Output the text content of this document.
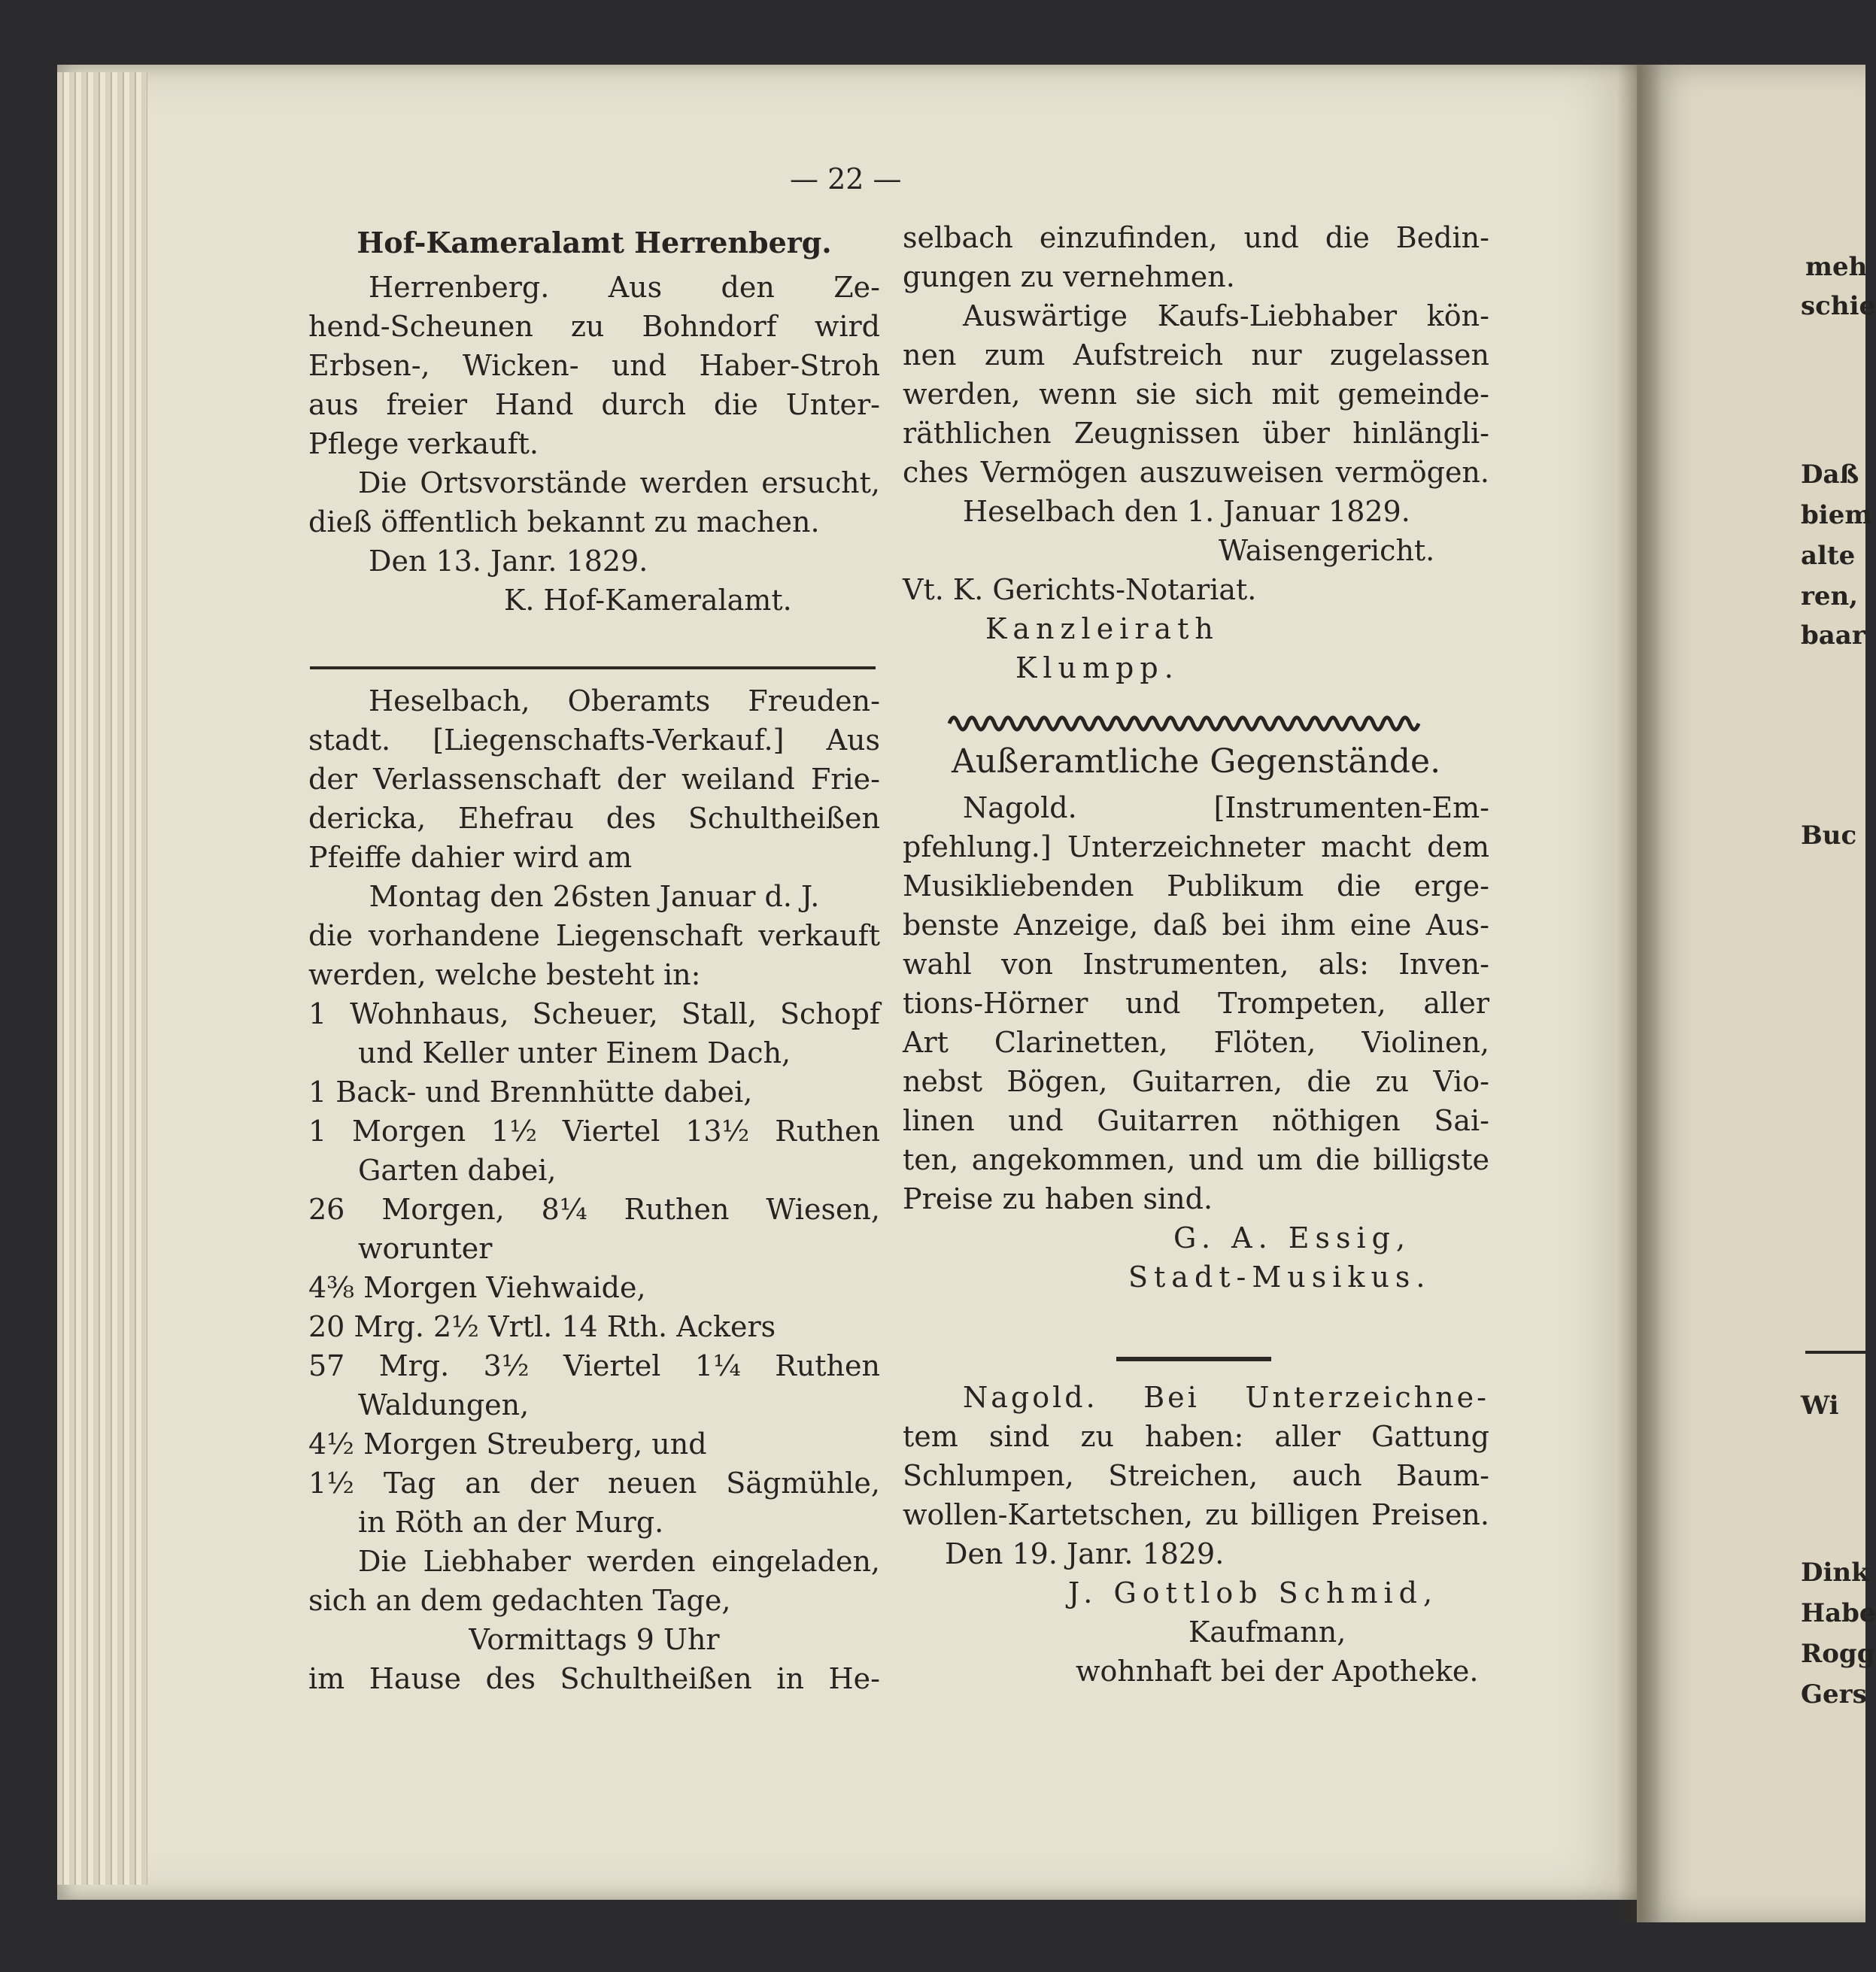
meh
schie
Daß
biem
alte
ren,
baar
Buc
Wi
Dink
Habe
Rogg
Gers
— 22 —
Hof-Kameralamt Herrenberg.
Herrenberg. Aus den Ze-
hend-Scheunen zu Bohndorf wird
Erbsen-, Wicken- und Haber-Stroh
aus freier Hand durch die Unter-
Pflege verkauft.
Die Ortsvorstände werden ersucht,
dieß öffentlich bekannt zu machen.
Den 13. Janr. 1829.
K. Hof-Kameralamt.
Heselbach, Oberamts Freuden-
stadt. [Liegenschafts-Verkauf.] Aus
der Verlassenschaft der weiland Frie-
dericka, Ehefrau des Schultheißen
Pfeiffe dahier wird am
Montag den 26sten Januar d. J.
die vorhandene Liegenschaft verkauft
werden, welche besteht in:
1 Wohnhaus, Scheuer, Stall, Schopf
und Keller unter Einem Dach,
1 Back- und Brennhütte dabei,
1 Morgen 1½ Viertel 13½ Ruthen
Garten dabei,
26 Morgen, 8¼ Ruthen Wiesen,
worunter
4⅜ Morgen Viehwaide,
20 Mrg. 2½ Vrtl. 14 Rth. Ackers
57 Mrg. 3½ Viertel 1¼ Ruthen
Waldungen,
4½ Morgen Streuberg, und
1½ Tag an der neuen Sägmühle,
in Röth an der Murg.
Die Liebhaber werden eingeladen,
sich an dem gedachten Tage,
Vormittags 9 Uhr
im Hause des Schultheißen in He-
selbach einzufinden, und die Bedin-
gungen zu vernehmen.
Auswärtige Kaufs-Liebhaber kön-
nen zum Aufstreich nur zugelassen
werden, wenn sie sich mit gemeinde-
räthlichen Zeugnissen über hinlängli-
ches Vermögen auszuweisen vermögen.
Heselbach den 1. Januar 1829.
Waisengericht.
Vt. K. Gerichts-Notariat.
Kanzleirath
Klumpp.
Außeramtliche Gegenstände.
Nagold. [Instrumenten-Em-
pfehlung.] Unterzeichneter macht dem
Musikliebenden Publikum die erge-
benste Anzeige, daß bei ihm eine Aus-
wahl von Instrumenten, als: Inven-
tions-Hörner und Trompeten, aller
Art Clarinetten, Flöten, Violinen,
nebst Bögen, Guitarren, die zu Vio-
linen und Guitarren nöthigen Sai-
ten, angekommen, und um die billigste
Preise zu haben sind.
G. A. Essig,
Stadt-Musikus.
Nagold. Bei Unterzeichne-
tem sind zu haben: aller Gattung
Schlumpen, Streichen, auch Baum-
wollen-Kartetschen, zu billigen Preisen.
Den 19. Janr. 1829.
J. Gottlob Schmid,
Kaufmann,
wohnhaft bei der Apotheke.
